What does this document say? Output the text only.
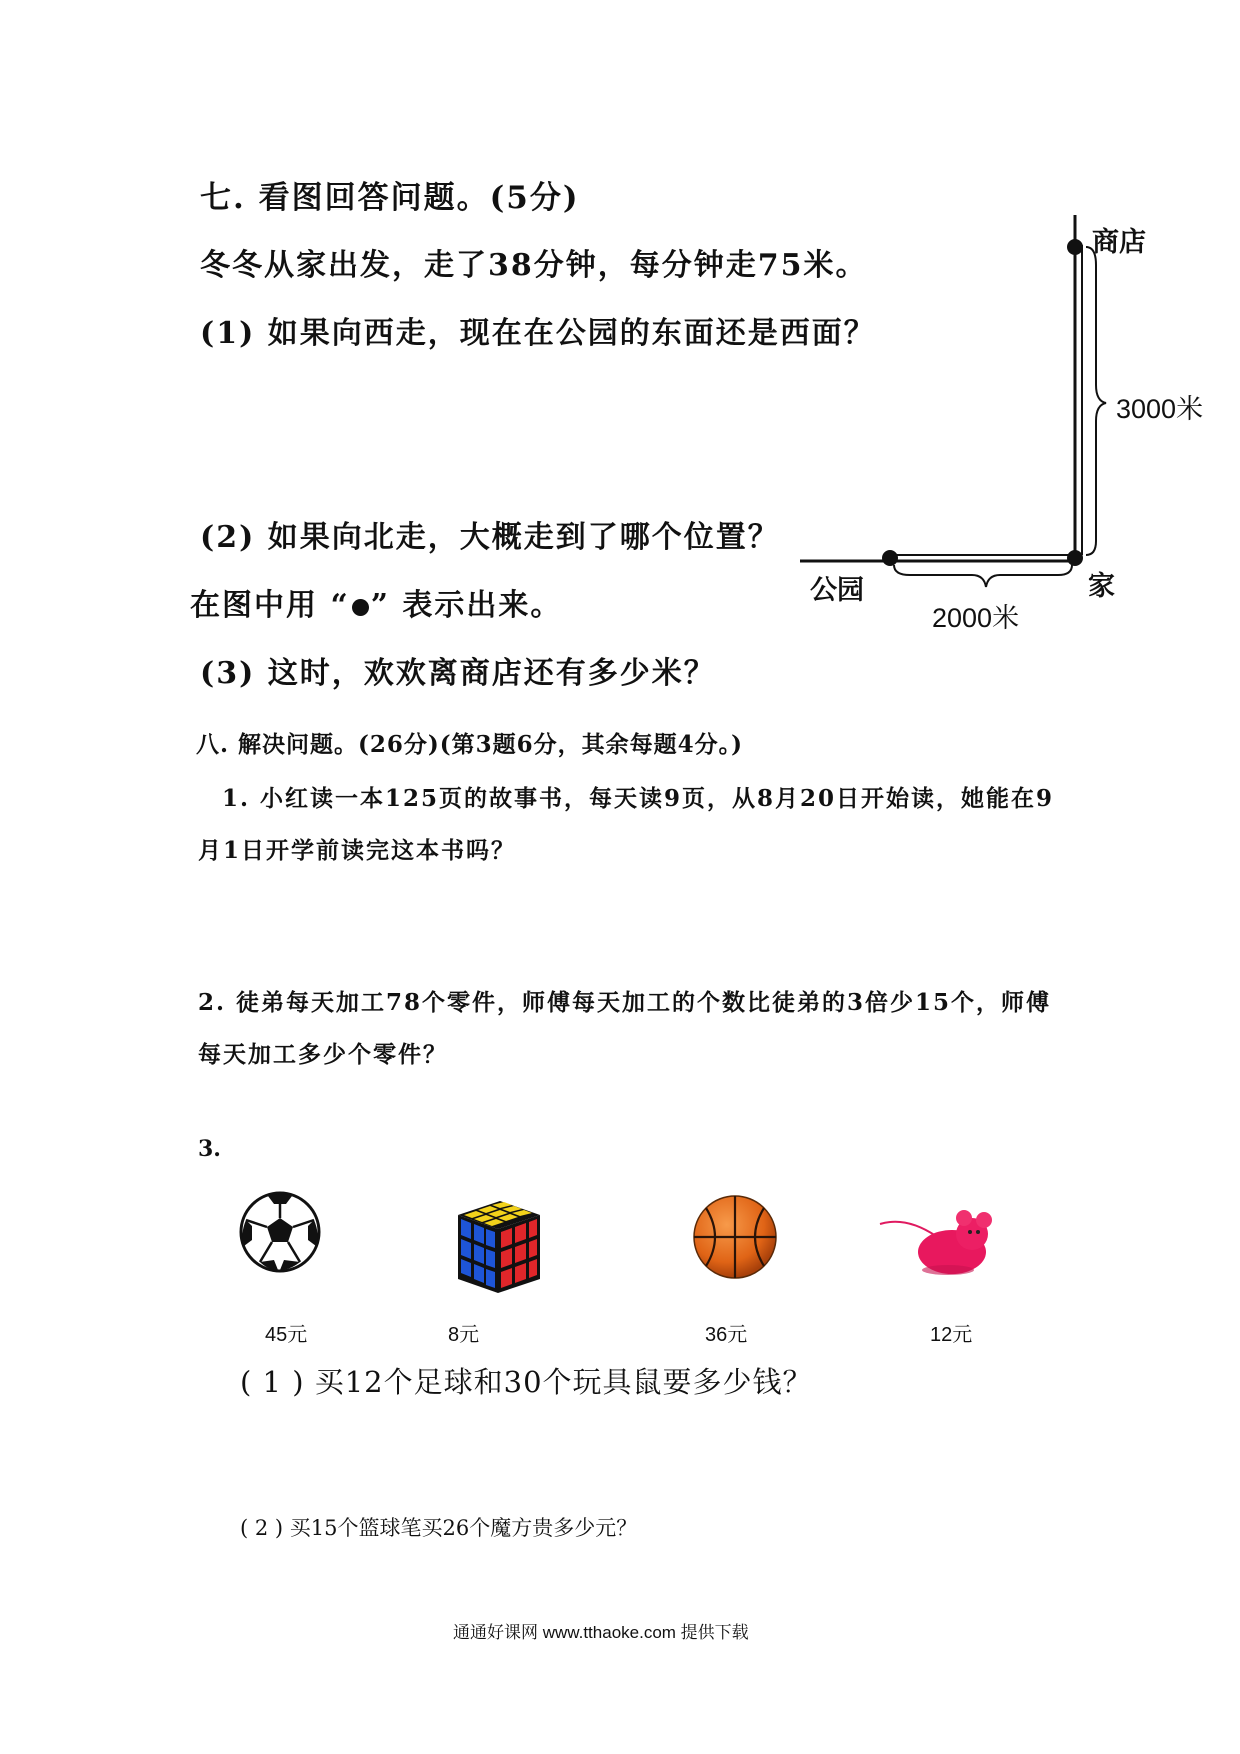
七. 看图回答问题。(5分)
冬冬从家出发，走了38分钟，每分钟走75米。
(1) 如果向西走，现在在公园的东面还是西面？
(2) 如果向北走，大概走到了哪个位置？
在图中用 “ ” 表示出来。
(3) 这时，欢欢离商店还有多少米？
商店
3000米
公园	家
2000米
八. 解决问题。(26分)(第3题6分，其余每题4分。)
1. 小红读一本125页的故事书，每天读9页，从8月20日开始读，她能在9
月1日开学前读完这本书吗？
2. 徒弟每天加工78个零件，师傅每天加工的个数比徒弟的3倍少15个，师傅
每天加工多少个零件？
3.
45元	8元	36元	12元
( 1 ) 买12个足球和30个玩具鼠要多少钱？
( 2 ) 买15个篮球笔买26个魔方贵多少元？
通通好课网 www.tthaoke.com 提供下载
